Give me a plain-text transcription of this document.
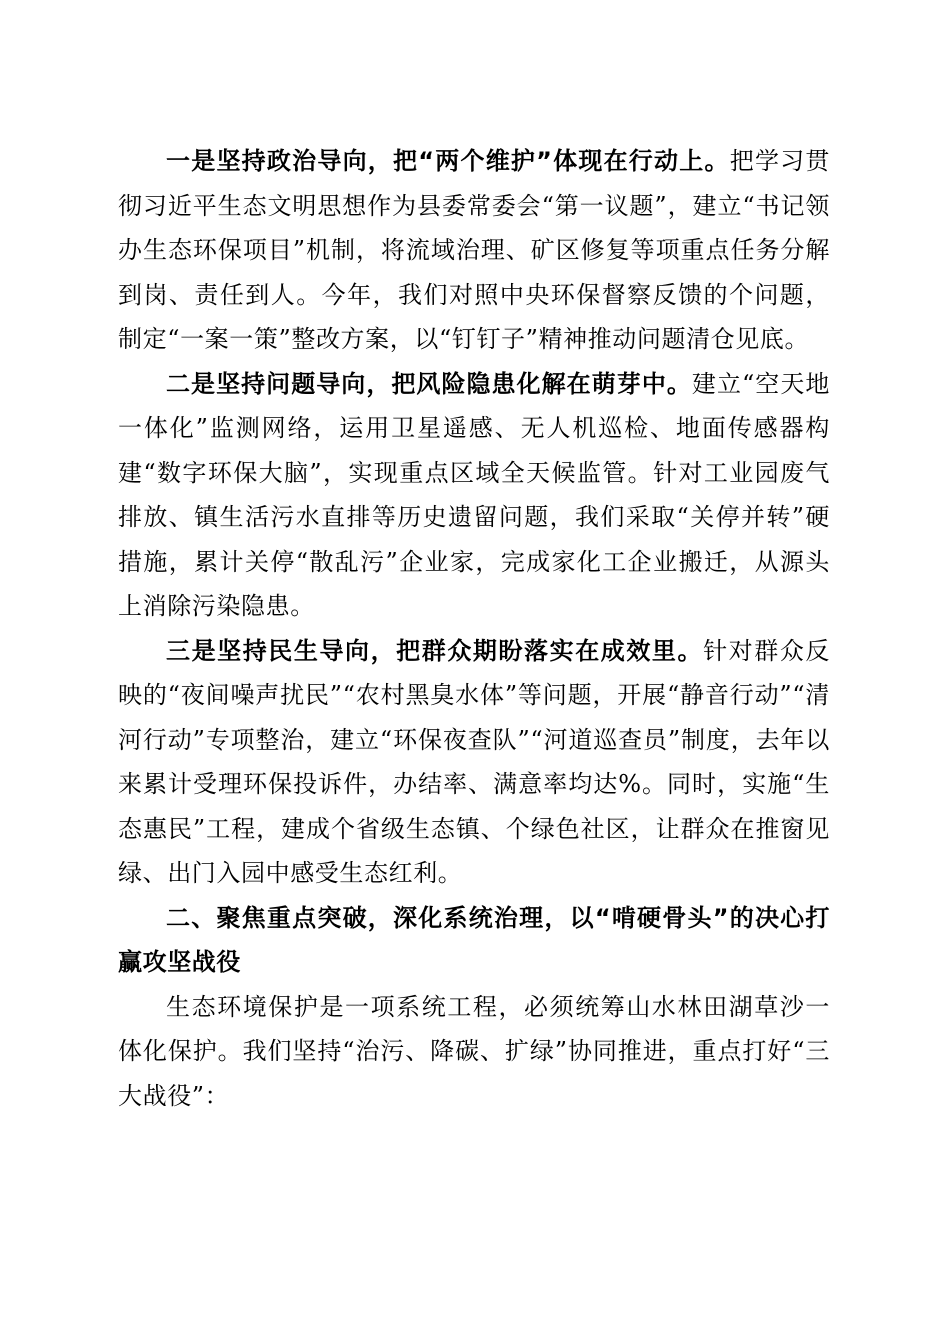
一是坚持政治导向，把“两个维护”体现在行动上。把学习贯彻习近平生态文明思想作为县委常委会“第一议题”，建立“书记领办生态环保项目”机制，将流域治理、矿区修复等项重点任务分解到岗、责任到人。今年，我们对照中央环保督察反馈的个问题，制定“一案一策”整改方案，以“钉钉子”精神推动问题清仓见底。

二是坚持问题导向，把风险隐患化解在萌芽中。建立“空天地一体化”监测网络，运用卫星遥感、无人机巡检、地面传感器构建“数字环保大脑”，实现重点区域全天候监管。针对工业园废气排放、镇生活污水直排等历史遗留问题，我们采取“关停并转”硬措施，累计关停“散乱污”企业家，完成家化工企业搬迁，从源头上消除污染隐患。

三是坚持民生导向，把群众期盼落实在成效里。针对群众反映的“夜间噪声扰民”“农村黑臭水体”等问题，开展“静音行动”“清河行动”专项整治，建立“环保夜查队”“河道巡查员”制度，去年以来累计受理环保投诉件，办结率、满意率均达%。同时，实施“生态惠民”工程，建成个省级生态镇、个绿色社区，让群众在推窗见绿、出门入园中感受生态红利。

二、聚焦重点突破，深化系统治理，以“啃硬骨头”的决心打赢攻坚战役

生态环境保护是一项系统工程，必须统筹山水林田湖草沙一体化保护。我们坚持“治污、降碳、扩绿”协同推进，重点打好“三大战役”：
